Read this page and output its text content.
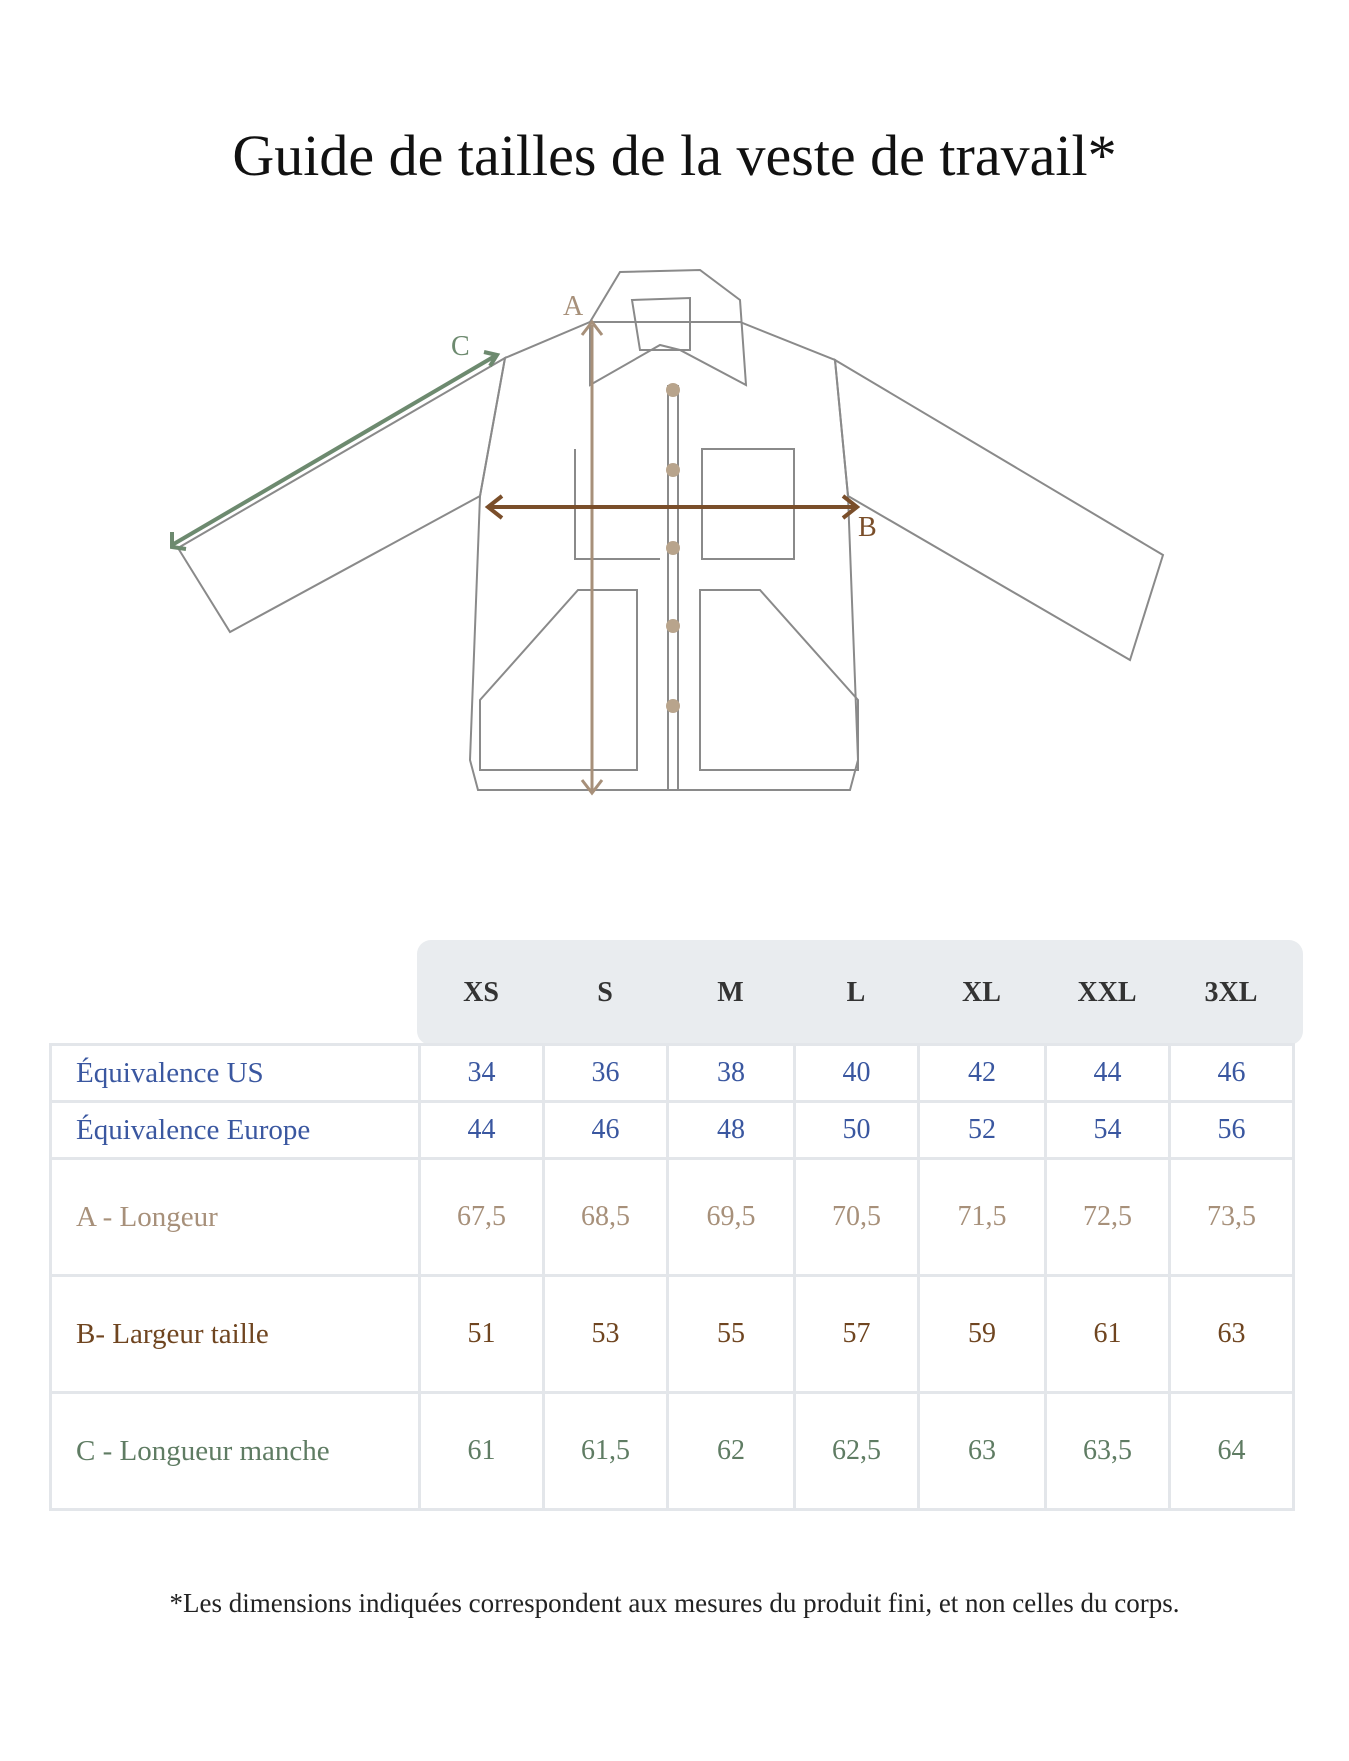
Guide de tailles de la veste de travail*
A
B
C
XS	S	M	L	XL	XXL	3XL
Équivalence US	34	36	38	40	42	44	46
Équivalence Europe	44	46	48	50	52	54	56
A - Longeur	67,5	68,5	69,5	70,5	71,5	72,5	73,5
B- Largeur taille	51	53	55	57	59	61	63
C - Longueur manche	61	61,5	62	62,5	63	63,5	64
*Les dimensions indiquées correspondent aux mesures du produit fini, et non celles du corps.
